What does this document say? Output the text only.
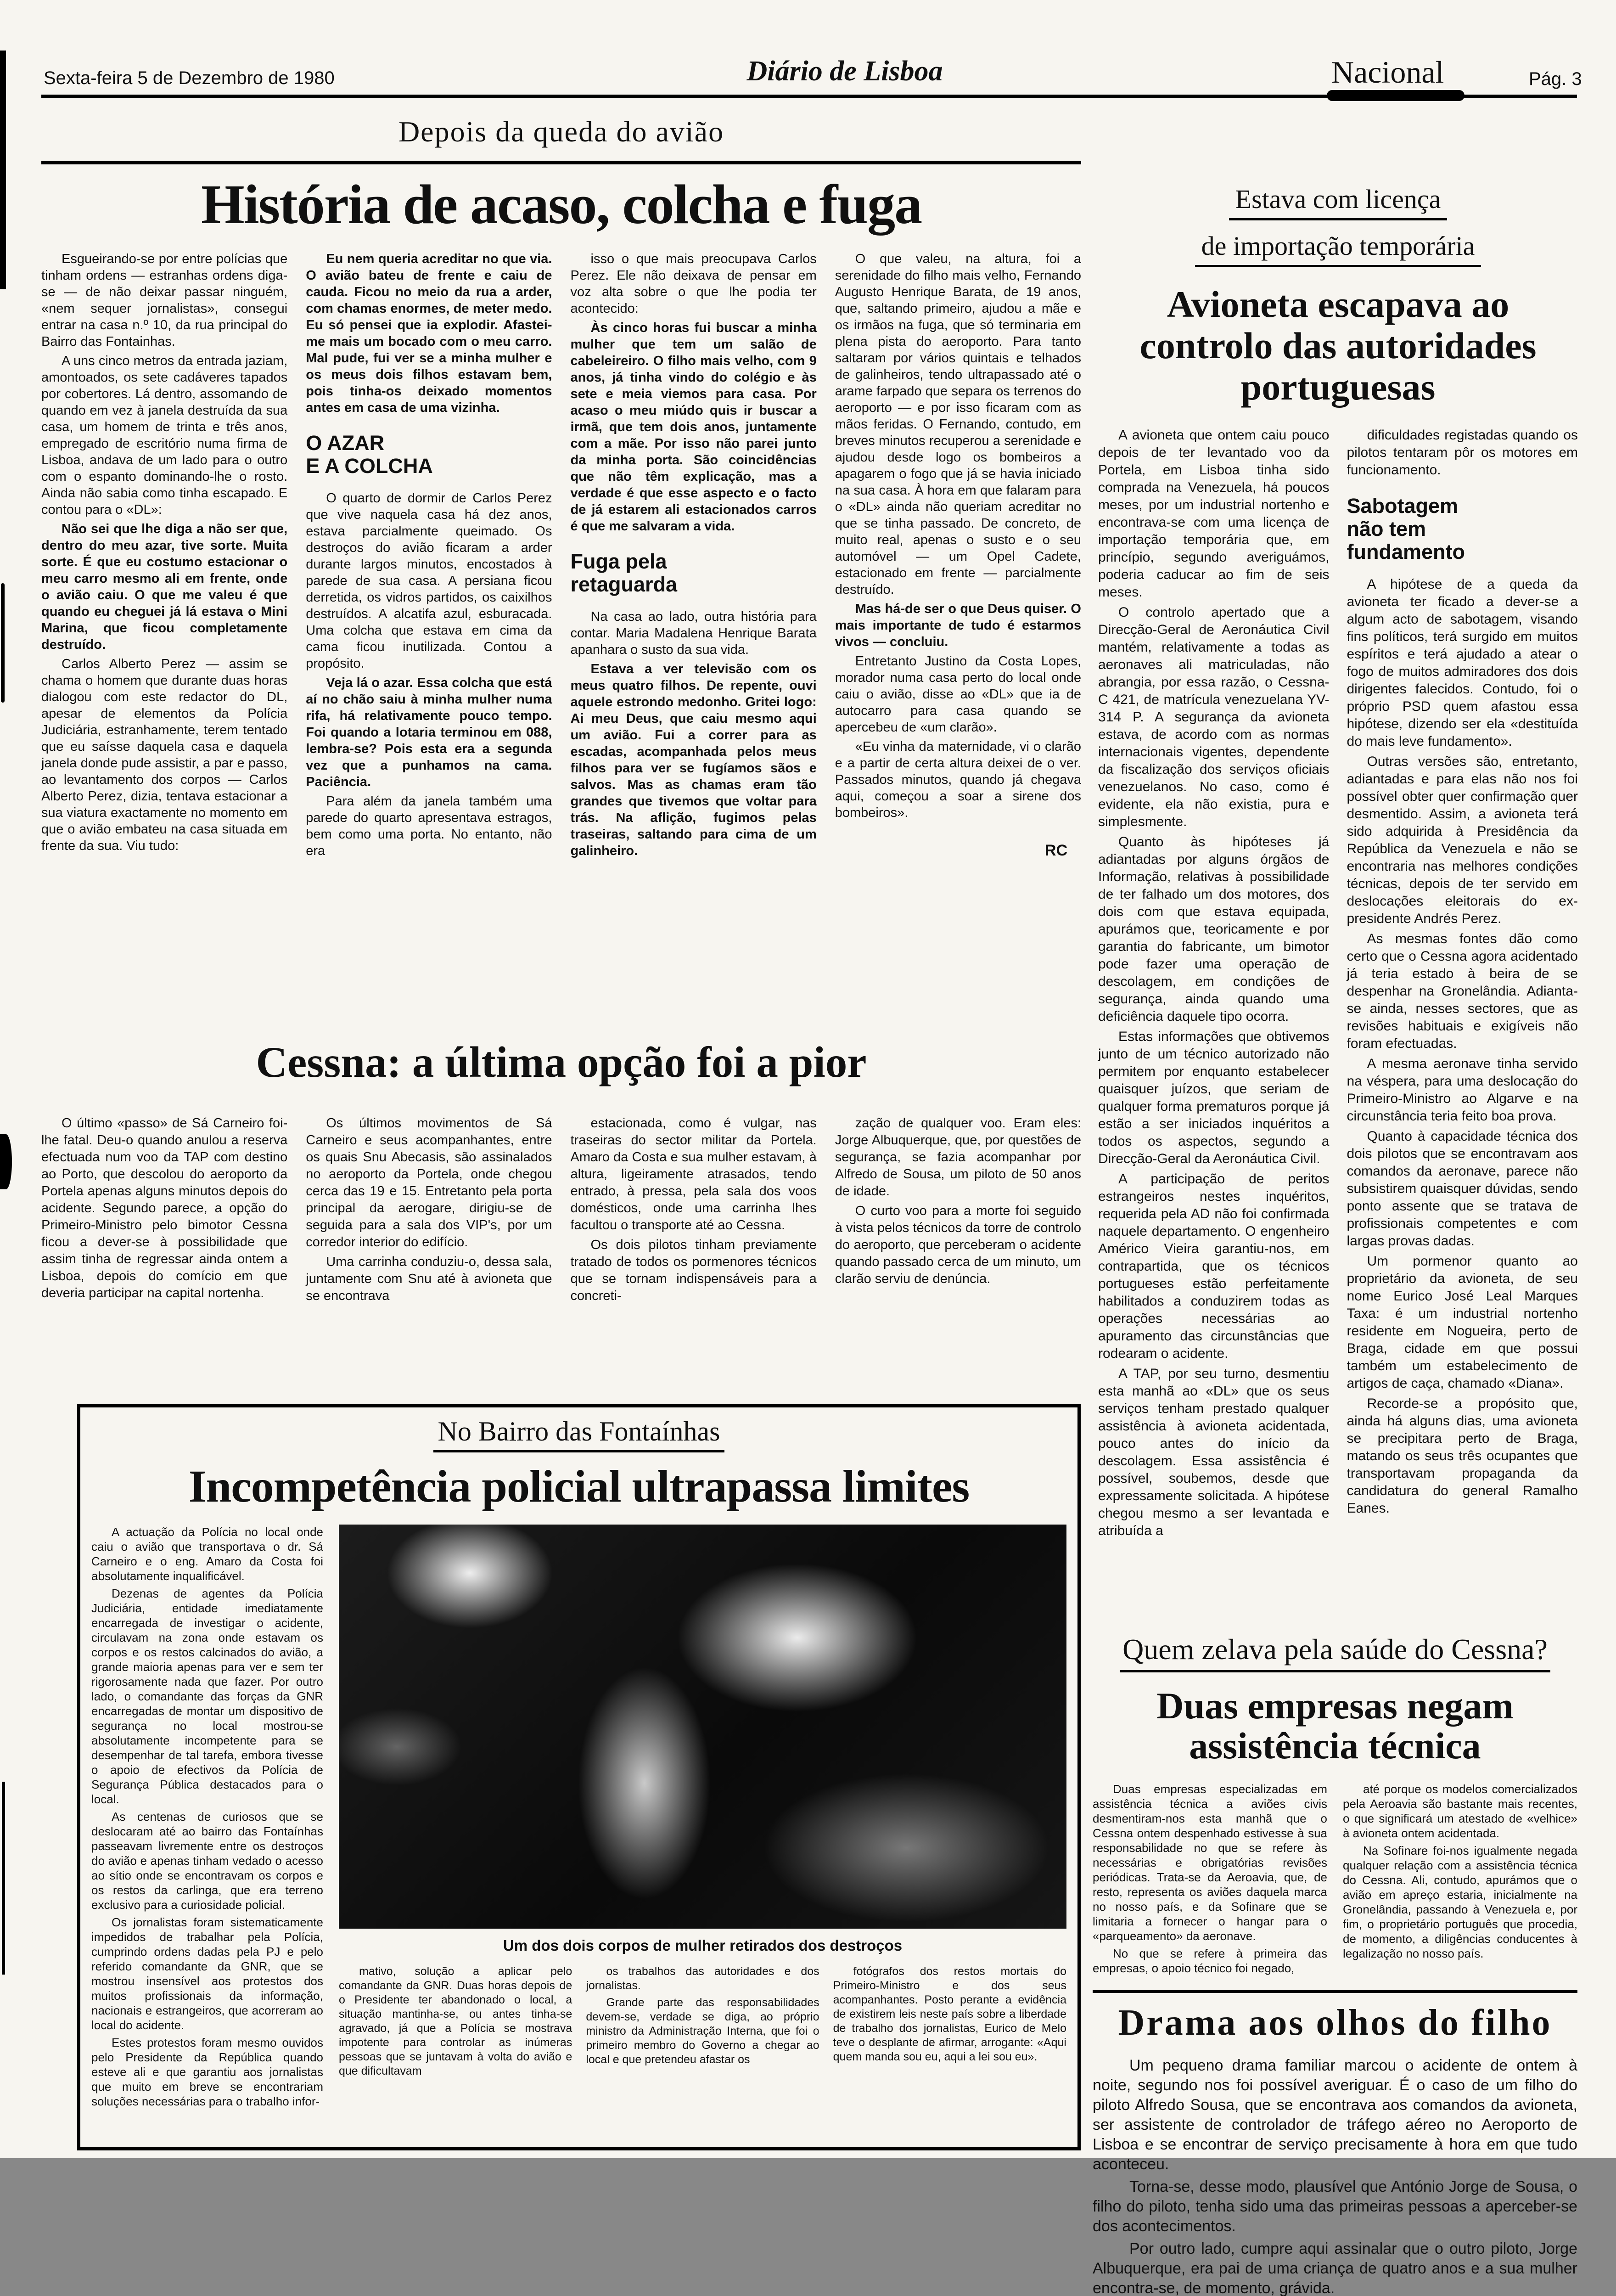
Sexta-feira 5 de Dezembro de 1980	Diário de Lisboa	Nacional	Pág. 3
Depois da queda do avião
História de acaso, colcha e fuga

Esgueirando-se por entre polícias que tinham ordens — estranhas ordens diga-se — de não deixar passar ninguém, «nem sequer jornalistas», consegui entrar na casa n.º 10, da rua principal do Bairro das Fontainhas.

A uns cinco metros da entrada jaziam, amontoados, os sete cadáveres tapados por cobertores. Lá dentro, assomando de quando em vez à janela destruída da sua casa, um homem de trinta e três anos, empregado de escritório numa firma de Lisboa, andava de um lado para o outro com o espanto dominando-lhe o rosto. Ainda não sabia como tinha escapado. E contou para o «DL»:

Não sei que lhe diga a não ser que, dentro do meu azar, tive sorte. Muita sorte. É que eu costumo estacionar o meu carro mesmo ali em frente, onde o avião caiu. O que me valeu é que quando eu cheguei já lá estava o Mini Marina, que ficou completamente destruído.

Carlos Alberto Perez — assim se chama o homem que durante duas horas dialogou com este redactor do DL, apesar de elementos da Polícia Judiciária, estranhamente, terem tentado que eu saísse daquela casa e daquela janela donde pude assistir, a par e passo, ao levantamento dos corpos — Carlos Alberto Perez, dizia, tentava estacionar a sua viatura exactamente no momento em que o avião embateu na casa situada em frente da sua. Viu tudo:

Eu nem queria acreditar no que via. O avião bateu de frente e caiu de cauda. Ficou no meio da rua a arder, com chamas enormes, de meter medo. Eu só pensei que ia explodir. Afastei-me mais um bocado com o meu carro. Mal pude, fui ver se a minha mulher e os meus dois filhos estavam bem, pois tinha-os deixado momentos antes em casa de uma vizinha.

O AZAR
E A COLCHA

O quarto de dormir de Carlos Perez que vive naquela casa há dez anos, estava parcialmente queimado. Os destroços do avião ficaram a arder durante largos minutos, encostados à parede de sua casa. A persiana ficou derretida, os vidros partidos, os caixilhos destruídos. A alcatifa azul, esburacada. Uma colcha que estava em cima da cama ficou inutilizada. Contou a propósito.

Veja lá o azar. Essa colcha que está aí no chão saiu à minha mulher numa rifa, há relativamente pouco tempo. Foi quando a lotaria terminou em 088, lembra-se? Pois esta era a segunda vez que a punhamos na cama. Paciência.

Para além da janela também uma parede do quarto apresentava estragos, bem como uma porta. No entanto, não era

isso o que mais preocupava Carlos Perez. Ele não deixava de pensar em voz alta sobre o que lhe podia ter acontecido:

Às cinco horas fui buscar a minha mulher que tem um salão de cabeleireiro. O filho mais velho, com 9 anos, já tinha vindo do colégio e às sete e meia viemos para casa. Por acaso o meu miúdo quis ir buscar a irmã, que tem dois anos, juntamente com a mãe. Por isso não parei junto da minha porta. São coincidências que não têm explicação, mas a verdade é que esse aspecto e o facto de já estarem ali estacionados carros é que me salvaram a vida.

Fuga pela
retaguarda

Na casa ao lado, outra história para contar. Maria Madalena Henrique Barata apanhara o susto da sua vida.

Estava a ver televisão com os meus quatro filhos. De repente, ouvi aquele estrondo medonho. Gritei logo: Ai meu Deus, que caiu mesmo aqui um avião. Fui a correr para as escadas, acompanhada pelos meus filhos para ver se fugíamos sãos e salvos. Mas as chamas eram tão grandes que tivemos que voltar para trás. Na aflição, fugimos pelas traseiras, saltando para cima de um galinheiro.

O que valeu, na altura, foi a serenidade do filho mais velho, Fernando Augusto Henrique Barata, de 19 anos, que, saltando primeiro, ajudou a mãe e os irmãos na fuga, que só terminaria em plena pista do aeroporto. Para tanto saltaram por vários quintais e telhados de galinheiros, tendo ultrapassado até o arame farpado que separa os terrenos do aeroporto — e por isso ficaram com as mãos feridas. O Fernando, contudo, em breves minutos recuperou a serenidade e ajudou desde logo os bombeiros a apagarem o fogo que já se havia iniciado na sua casa. À hora em que falaram para o «DL» ainda não queriam acreditar no que se tinha passado. De concreto, de muito real, apenas o susto e o seu automóvel — um Opel Cadete, estacionado em frente — parcialmente destruído.

Mas há-de ser o que Deus quiser. O mais importante de tudo é estarmos vivos — concluiu.

Entretanto Justino da Costa Lopes, morador numa casa perto do local onde caiu o avião, disse ao «DL» que ia de autocarro para casa quando se apercebeu de «um clarão».

«Eu vinha da maternidade, vi o clarão e a partir de certa altura deixei de o ver. Passados minutos, quando já chegava aqui, começou a soar a sirene dos bombeiros».

RC
Estava com licença
de importação temporária
Avioneta escapava ao controlo das autoridades portuguesas

A avioneta que ontem caiu pouco depois de ter levantado voo da Portela, em Lisboa tinha sido comprada na Venezuela, há poucos meses, por um industrial nortenho e encontrava-se com uma licença de importação temporária que, em princípio, segundo averiguámos, poderia caducar ao fim de seis meses.

O controlo apertado que a Direcção-Geral de Aeronáutica Civil mantém, relativamente a todas as aeronaves ali matriculadas, não abrangia, por essa razão, o Cessna-C 421, de matrícula venezuelana YV-314 P. A segurança da avioneta estava, de acordo com as normas internacionais vigentes, dependente da fiscalização dos serviços oficiais venezuelanos. No caso, como é evidente, ela não existia, pura e simplesmente.

Quanto às hipóteses já adiantadas por alguns órgãos de Informação, relativas à possibilidade de ter falhado um dos motores, dos dois com que estava equipada, apurámos que, teoricamente e por garantia do fabricante, um bimotor pode fazer uma operação de descolagem, em condições de segurança, ainda quando uma deficiência daquele tipo ocorra.

Estas informações que obtivemos junto de um técnico autorizado não permitem por enquanto estabelecer quaisquer juízos, que seriam de qualquer forma prematuros porque já estão a ser iniciados inquéritos a todos os aspectos, segundo a Direcção-Geral da Aeronáutica Civil.

A participação de peritos estrangeiros nestes inquéritos, requerida pela AD não foi confirmada naquele departamento. O engenheiro Américo Vieira garantiu-nos, em contrapartida, que os técnicos portugueses estão perfeitamente habilitados a conduzirem todas as operações necessárias ao apuramento das circunstâncias que rodearam o acidente.

A TAP, por seu turno, desmentiu esta manhã ao «DL» que os seus serviços tenham prestado qualquer assistência à avioneta acidentada, pouco antes do início da descolagem. Essa assistência é possível, soubemos, desde que expressamente solicitada. A hipótese chegou mesmo a ser levantada e atribuída a

dificuldades registadas quando os pilotos tentaram pôr os motores em funcionamento.

Sabotagem
não tem
fundamento

A hipótese de a queda da avioneta ter ficado a dever-se a algum acto de sabotagem, visando fins políticos, terá surgido em muitos espíritos e terá ajudado a atear o fogo de muitos admiradores dos dois dirigentes falecidos. Contudo, foi o próprio PSD quem afastou essa hipótese, dizendo ser ela «destituída do mais leve fundamento».

Outras versões são, entretanto, adiantadas e para elas não nos foi possível obter quer confirmação quer desmentido. Assim, a avioneta terá sido adquirida à Presidência da República da Venezuela e não se encontraria nas melhores condições técnicas, depois de ter servido em deslocações eleitorais do ex-presidente Andrés Perez.

As mesmas fontes dão como certo que o Cessna agora acidentado já teria estado à beira de se despenhar na Gronelândia. Adianta-se ainda, nesses sectores, que as revisões habituais e exigíveis não foram efectuadas.

A mesma aeronave tinha servido na véspera, para uma deslocação do Primeiro-Ministro ao Algarve e na circunstância teria feito boa prova.

Quanto à capacidade técnica dos dois pilotos que se encontravam aos comandos da aeronave, parece não subsistirem quaisquer dúvidas, sendo ponto assente que se tratava de profissionais competentes e com largas provas dadas.

Um pormenor quanto ao proprietário da avioneta, de seu nome Eurico José Leal Marques Taxa: é um industrial nortenho residente em Nogueira, perto de Braga, cidade em que possui também um estabelecimento de artigos de caça, chamado «Diana».

Recorde-se a propósito que, ainda há alguns dias, uma avioneta se precipitara perto de Braga, matando os seus três ocupantes que transportavam propaganda da candidatura do general Ramalho Eanes.

Cessna: a última opção foi a pior

O último «passo» de Sá Carneiro foi-lhe fatal. Deu-o quando anulou a reserva efectuada num voo da TAP com destino ao Porto, que descolou do aeroporto da Portela apenas alguns minutos depois do acidente. Segundo parece, a opção do Primeiro-Ministro pelo bimotor Cessna ficou a dever-se à possibilidade que assim tinha de regressar ainda ontem a Lisboa, depois do comício em que deveria participar na capital nortenha.

Os últimos movimentos de Sá Carneiro e seus acompanhantes, entre os quais Snu Abecasis, são assinalados no aeroporto da Portela, onde chegou cerca das 19 e 15. Entretanto pela porta principal da aerogare, dirigiu-se de seguida para a sala dos VIP's, por um corredor interior do edifício.

Uma carrinha conduziu-o, dessa sala, juntamente com Snu até à avioneta que se encontrava

estacionada, como é vulgar, nas traseiras do sector militar da Portela. Amaro da Costa e sua mulher estavam, à altura, ligeiramente atrasados, tendo entrado, à pressa, pela sala dos voos domésticos, onde uma carrinha lhes facultou o transporte até ao Cessna.

Os dois pilotos tinham previamente tratado de todos os pormenores técnicos que se tornam indispensáveis para a concreti-

zação de qualquer voo. Eram eles: Jorge Albuquerque, que, por questões de segurança, se fazia acompanhar por Alfredo de Sousa, um piloto de 50 anos de idade.

O curto voo para a morte foi seguido à vista pelos técnicos da torre de controlo do aeroporto, que perceberam o acidente quando passado cerca de um minuto, um clarão serviu de denúncia.

No Bairro das Fontaínhas
Incompetência policial ultrapassa limites

A actuação da Polícia no local onde caiu o avião que transportava o dr. Sá Carneiro e o eng. Amaro da Costa foi absolutamente inqualificável.

Dezenas de agentes da Polícia Judiciária, entidade imediatamente encarregada de investigar o acidente, circulavam na zona onde estavam os corpos e os restos calcinados do avião, a grande maioria apenas para ver e sem ter rigorosamente nada que fazer. Por outro lado, o comandante das forças da GNR encarregadas de montar um dispositivo de segurança no local mostrou-se absolutamente incompetente para se desempenhar de tal tarefa, embora tivesse o apoio de efectivos da Polícia de Segurança Pública destacados para o local.

As centenas de curiosos que se deslocaram até ao bairro das Fontaínhas passeavam livremente entre os destroços do avião e apenas tinham vedado o acesso ao sítio onde se encontravam os corpos e os restos da carlinga, que era terreno exclusivo para a curiosidade policial.

Os jornalistas foram sistematicamente impedidos de trabalhar pela Polícia, cumprindo ordens dadas pela PJ e pelo referido comandante da GNR, que se mostrou insensível aos protestos dos muitos profissionais da informação, nacionais e estrangeiros, que acorreram ao local do acidente.

Estes protestos foram mesmo ouvidos pelo Presidente da República quando esteve ali e que garantiu aos jornalistas que muito em breve se encontrariam soluções necessárias para o trabalho infor-

Um dos dois corpos de mulher retirados dos destroços

mativo, solução a aplicar pelo comandante da GNR. Duas horas depois de o Presidente ter abandonado o local, a situação mantinha-se, ou antes tinha-se agravado, já que a Polícia se mostrava impotente para controlar as inúmeras pessoas que se juntavam à volta do avião e que dificultavam

os trabalhos das autoridades e dos jornalistas.

Grande parte das responsabilidades devem-se, verdade se diga, ao próprio ministro da Administração Interna, que foi o primeiro membro do Governo a chegar ao local e que pretendeu afastar os

fotógrafos dos restos mortais do Primeiro-Ministro e dos seus acompanhantes. Posto perante a evidência de existirem leis neste país sobre a liberdade de trabalho dos jornalistas, Eurico de Melo teve o desplante de afirmar, arrogante: «Aqui quem manda sou eu, aqui a lei sou eu».

Quem zelava pela saúde do Cessna?
Duas empresas negam
assistência técnica

Duas empresas especializadas em assistência técnica a aviões civis desmentiram-nos esta manhã que o Cessna ontem despenhado estivesse à sua responsabilidade no que se refere às necessárias e obrigatórias revisões periódicas. Trata-se da Aeroavia, que, de resto, representa os aviões daquela marca no nosso país, e da Sofinare que se limitaria a fornecer o hangar para o «parqueamento» da aeronave.

No que se refere à primeira das empresas, o apoio técnico foi negado,

até porque os modelos comercializados pela Aeroavia são bastante mais recentes, o que significará um atestado de «velhice» à avioneta ontem acidentada.

Na Sofinare foi-nos igualmente negada qualquer relação com a assistência técnica do Cessna. Ali, contudo, apurámos que o avião em apreço estaria, inicialmente na Gronelândia, passando à Venezuela e, por fim, o proprietário português que procedia, de momento, a diligências conducentes à legalização no nosso país.

Drama aos olhos do filho

Um pequeno drama familiar marcou o acidente de ontem à noite, segundo nos foi possível averiguar. É o caso de um filho do piloto Alfredo Sousa, que se encontrava aos comandos da avioneta, ser assistente de controlador de tráfego aéreo no Aeroporto de Lisboa e se encontrar de serviço precisamente à hora em que tudo aconteceu.

Torna-se, desse modo, plausível que António Jorge de Sousa, o filho do piloto, tenha sido uma das primeiras pessoas a aperceber-se dos acontecimentos.

Por outro lado, cumpre aqui assinalar que o outro piloto, Jorge Albuquerque, era pai de uma criança de quatro anos e a sua mulher encontra-se, de momento, grávida.
